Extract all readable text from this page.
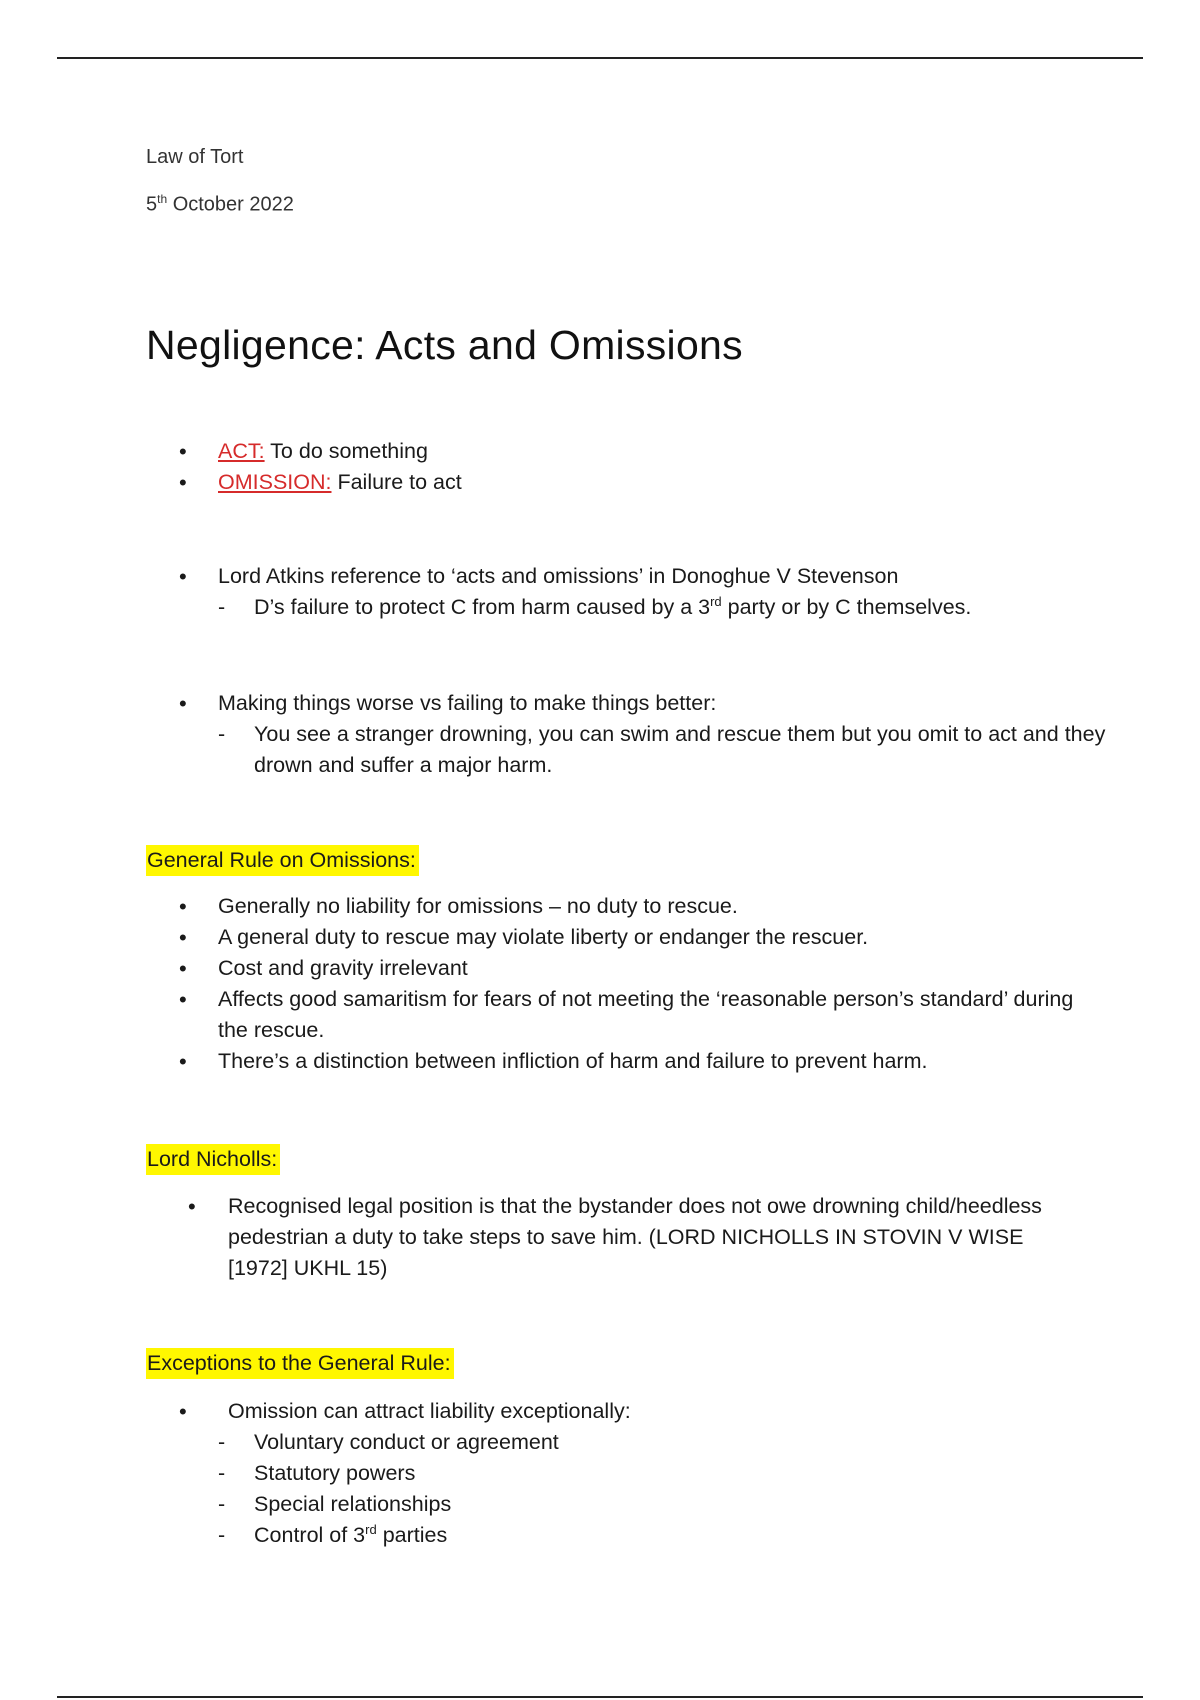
Law of Tort
5th October 2022
Negligence: Acts and Omissions
• ACT: To do something
• OMISSION: Failure to act
• Lord Atkins reference to ‘acts and omissions’ in Donoghue V Stevenson
- D’s failure to protect C from harm caused by a 3rd party or by C themselves.
• Making things worse vs failing to make things better:
- You see a stranger drowning, you can swim and rescue them but you omit to act and they drown and suffer a major harm.
General Rule on Omissions:
• Generally no liability for omissions – no duty to rescue.
• A general duty to rescue may violate liberty or endanger the rescuer.
• Cost and gravity irrelevant
• Affects good samaritism for fears of not meeting the ‘reasonable person’s standard’ during the rescue.
• There’s a distinction between infliction of harm and failure to prevent harm.
Lord Nicholls:
• Recognised legal position is that the bystander does not owe drowning child/heedless pedestrian a duty to take steps to save him. (LORD NICHOLLS IN STOVIN V WISE [1972] UKHL 15)
Exceptions to the General Rule:
• Omission can attract liability exceptionally:
- Voluntary conduct or agreement
- Statutory powers
- Special relationships
- Control of 3rd parties
